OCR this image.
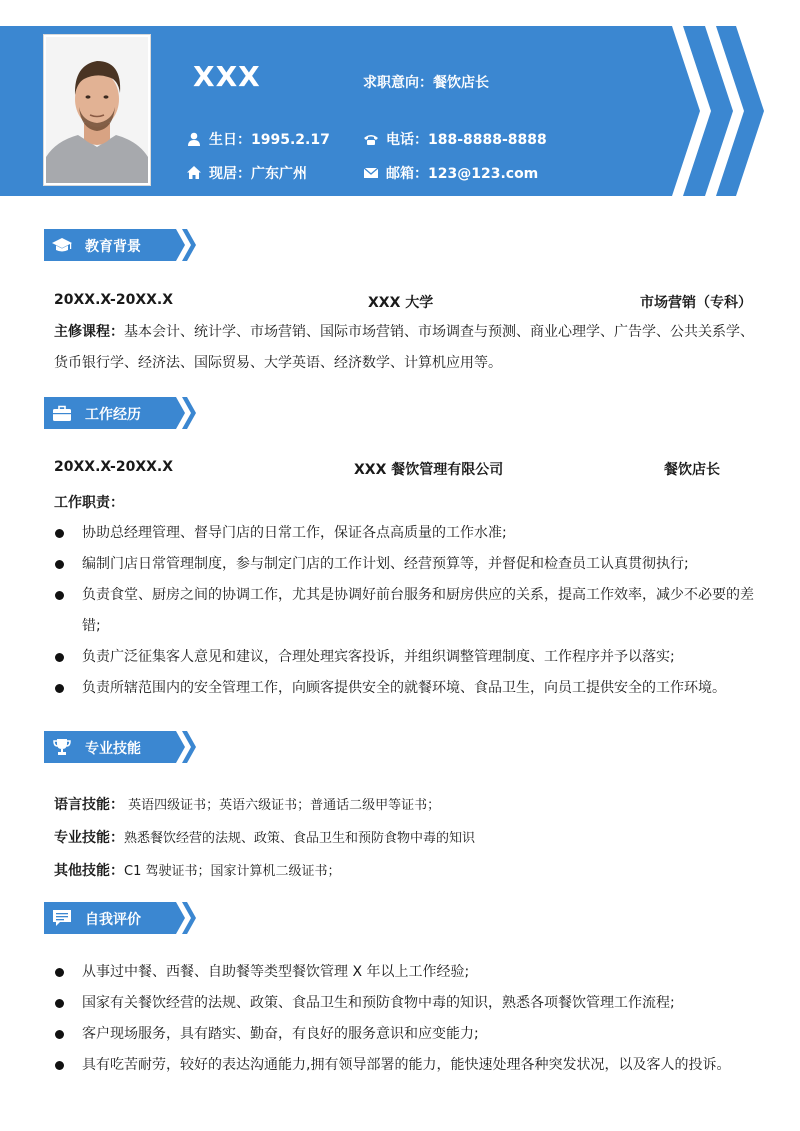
XXX	求职意向：餐饮店长
生日：1995.2.17
现居：广东广州
电话：188-8888-8888
邮箱：123@123.com
教育背景
20XX.X-20XX.X	XXX 大学	市场营销（专科）
主修课程：基本会计、统计学、市场营销、国际市场营销、市场调查与预测、商业心理学、广告学、公共关系学、货币银行学、经济法、国际贸易、大学英语、经济数学、计算机应用等。
工作经历
20XX.X-20XX.X	XXX 餐饮管理有限公司	餐饮店长
工作职责：
协助总经理管理、督导门店的日常工作，保证各点高质量的工作水准;
编制门店日常管理制度，参与制定门店的工作计划、经营预算等，并督促和检查员工认真贯彻执行;
负责食堂、厨房之间的协调工作，尤其是协调好前台服务和厨房供应的关系，提高工作效率，减少不必要的差错;
负责广泛征集客人意见和建议，合理处理宾客投诉，并组织调整管理制度、工作程序并予以落实;
负责所辖范围内的安全管理工作，向顾客提供安全的就餐环境、食品卫生，向员工提供安全的工作环境。
专业技能
语言技能： 英语四级证书；英语六级证书；普通话二级甲等证书；
专业技能：熟悉餐饮经营的法规、政策、食品卫生和预防食物中毒的知识
其他技能：C1 驾驶证书；国家计算机二级证书；
自我评价
从事过中餐、西餐、自助餐等类型餐饮管理 X 年以上工作经验;
国家有关餐饮经营的法规、政策、食品卫生和预防食物中毒的知识，熟悉各项餐饮管理工作流程;
客户现场服务，具有踏实、勤奋，有良好的服务意识和应变能力;
具有吃苦耐劳，较好的表达沟通能力,拥有领导部署的能力，能快速处理各种突发状况，以及客人的投诉。
